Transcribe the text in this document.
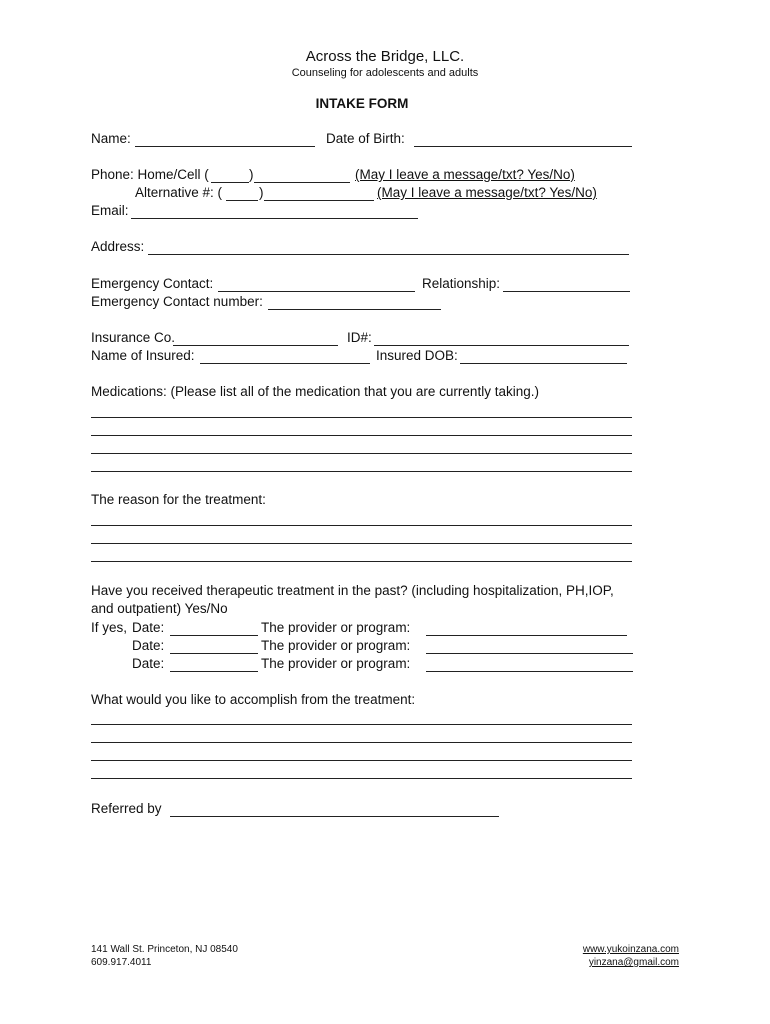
Across the Bridge, LLC.
Counseling for adolescents and adults
INTAKE FORM
Name:	Date of Birth:
Phone: Home/Cell (	)	(May I leave a message/txt? Yes/No)
Alternative #: (	)	(May I leave a message/txt? Yes/No)
Email:
Address:
Emergency Contact:	Relationship:
Emergency Contact number:
Insurance Co.	ID#:
Name of Insured:	Insured DOB:
Medications: (Please list all of the medication that you are currently taking.)
The reason for the treatment:
Have you received therapeutic treatment in the past? (including hospitalization, PH,IOP,
and outpatient) Yes/No
If yes, Date:	The provider or program:
Date:	The provider or program:
Date:	The provider or program:
What would you like to accomplish from the treatment:
Referred by
141 Wall St. Princeton, NJ 08540
609.917.4011
www.yukoinzana.com
yinzana@gmail.com
